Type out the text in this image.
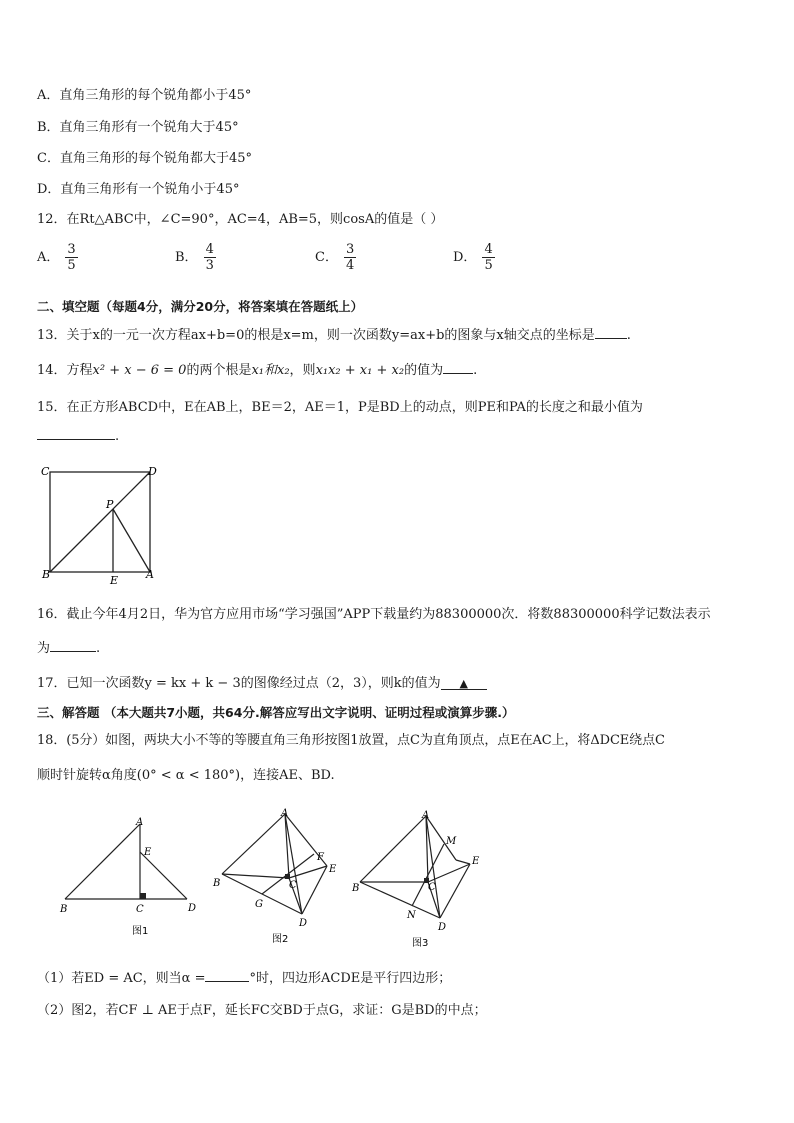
A．直角三角形的每个锐角都小于45°
B．直角三角形有一个锐角大于45°
C．直角三角形的每个锐角都大于45°
D．直角三角形有一个锐角小于45°
12．在Rt△ABC中，∠C=90°，AC=4，AB=5，则cosA的值是（ ）
A． $\frac{3}{5}$	B． $\frac{4}{3}$	C． $\frac{3}{4}$	D． $\frac{4}{5}$
二、填空题（每题4分，满分20分，将答案填在答题纸上）
13．关于x的一元一次方程ax+b=0的根是x=m，则一次函数y=ax+b的图象与x轴交点的坐标是 .
14．方程x² + x − 6 = 0的两个根是x₁和x₂，则x₁x₂ + x₁ + x₂的值为 .
15．在正方形ABCD中，E在AB上，BE＝2，AE＝1，P是BD上的动点，则PE和PA的长度之和最小值为
.
C	D
P
B	E	A
16．截止今年4月2日，华为官方应用市场“学习强国”APP下载量约为88300000次．将数88300000科学记数法表示
为	.
17．已知一次函数y = kx + k − 3的图像经过点（2，3），则k的值为 ▲
三、解答题 （本大题共7小题，共64分.解答应写出文字说明、证明过程或演算步骤.）
18．(5分）如图，两块大小不等的等腰直角三角形按图1放置，点C为直角顶点，点E在AC上，将ΔDCE绕点C
顺时针旋转α角度(0° < α < 180°)，连接AE、BD.
A
E
B	C	D
图1
A
F
E
B	C
G
D
图2
A
M
E
B	C
N
D
图3
（1）若ED = AC，则当α =	°时，四边形ACDE是平行四边形；
（2）图2，若CF ⊥ AE于点F，延长FC交BD于点G，求证：G是BD的中点；
